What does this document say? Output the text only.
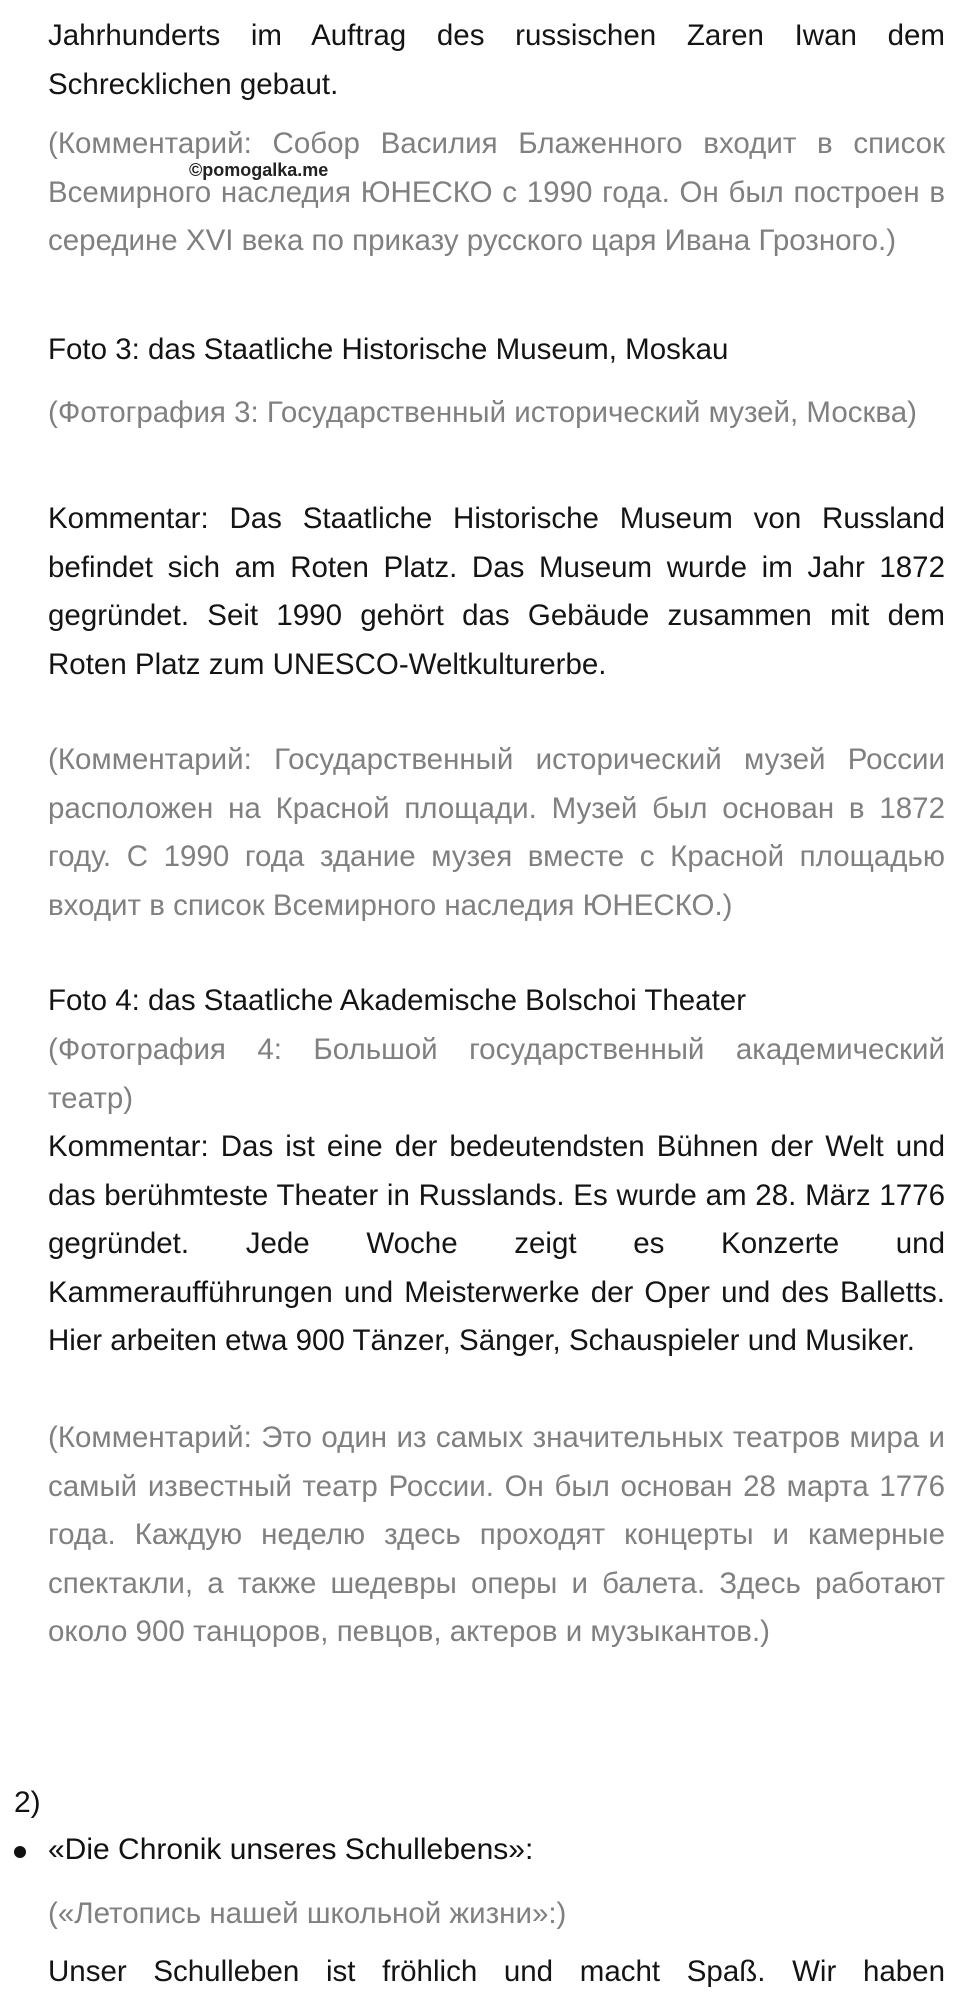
Jahrhunderts im Auftrag des russischen Zaren Iwan dem Schrecklichen gebaut.

(Комментарий: Собор Василия Блаженного входит в список Всемирного наследия ЮНЕСКО с 1990 года. Он был построен в середине XVI века по приказу русского царя Ивана Грозного.)

©pomogalka.me

Foto 3: das Staatliche Historische Museum, Moskau

(Фотография 3: Государственный исторический музей, Москва)

Kommentar: Das Staatliche Historische Museum von Russland befindet sich am Roten Platz. Das Museum wurde im Jahr 1872 gegründet. Seit 1990 gehört das Gebäude zusammen mit dem Roten Platz zum UNESCO-Weltkulturerbe.

(Комментарий: Государственный исторический музей России расположен на Красной площади. Музей был основан в 1872 году. С 1990 года здание музея вместе с Красной площадью входит в список Всемирного наследия ЮНЕСКО.)

Foto 4: das Staatliche Akademische Bolschoi Theater

(Фотография 4: Большой государственный академический театр)

Kommentar: Das ist eine der bedeutendsten Bühnen der Welt und das berühmteste Theater in Russlands. Es wurde am 28. März 1776 gegründet. Jede Woche zeigt es Konzerte und Kammeraufführungen und Meisterwerke der Oper und des Balletts. Hier arbeiten etwa 900 Tänzer, Sänger, Schauspieler und Musiker.

(Комментарий: Это один из самых значительных театров мира и самый известный театр России. Он был основан 28 марта 1776 года. Каждую неделю здесь проходят концерты и камерные спектакли, а также шедевры оперы и балета. Здесь работают около 900 танцоров, певцов, актеров и музыкантов.)

2)
«Die Chronik unseres Schullebens»:

(«Летопись нашей школьной жизни»:)

Unser Schulleben ist fröhlich und macht Spaß. Wir haben
